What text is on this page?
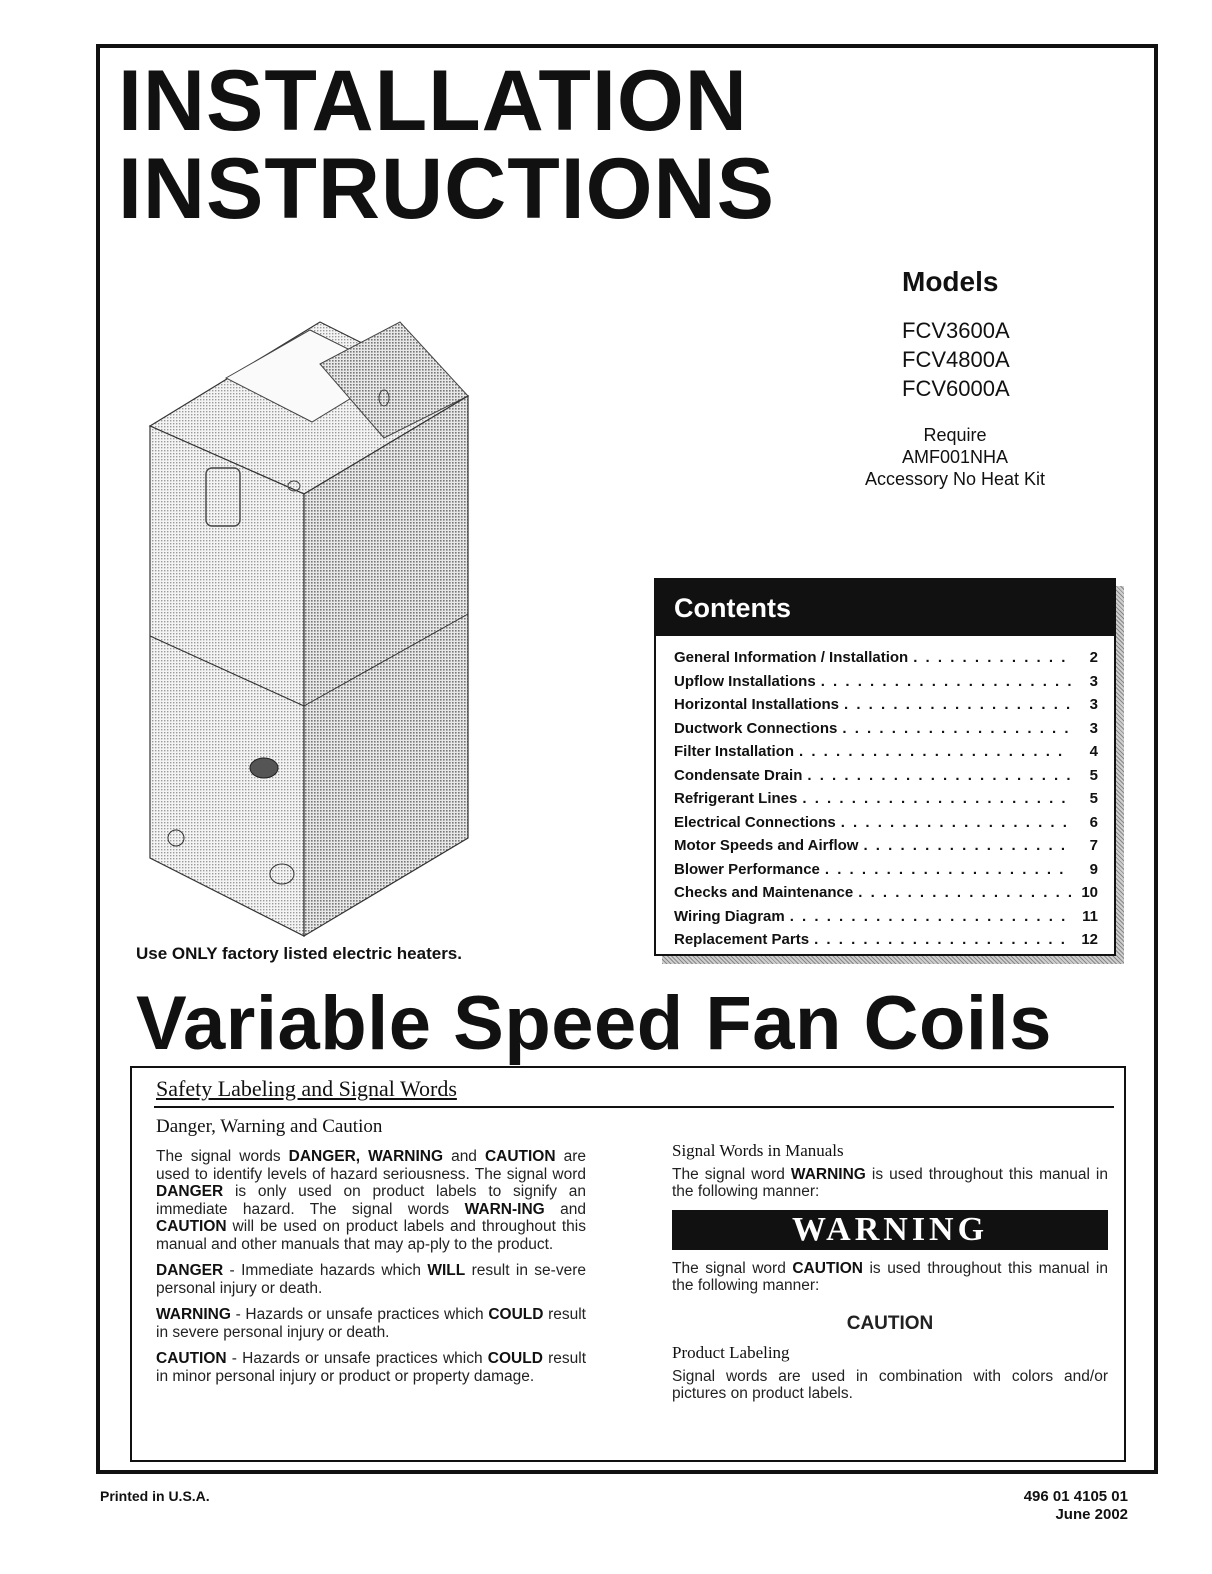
INSTALLATION
INSTRUCTIONS
Models
FCV3600A
FCV4800A
FCV6000A
Require
AMF001NHA
Accessory No Heat Kit
Use ONLY factory listed electric heaters.
Contents
General Information / Installation . . .	2
Upflow Installations . . .	3
Horizontal Installations . . .	3
Ductwork Connections . . .	3
Filter Installation . . .	4
Condensate Drain . . .	5
Refrigerant Lines . . .	5
Electrical Connections . . .	6
Motor Speeds and Airflow . . .	7
Blower Performance . . .	9
Checks and Maintenance . . .	10
Wiring Diagram . . .	11
Replacement Parts . . .	12
Variable Speed Fan Coils
Safety Labeling and Signal Words
Danger, Warning and Caution

The signal words DANGER, WARNING and CAUTION are used to identify levels of hazard seriousness. The signal word DANGER is only used on product labels to signify an immediate hazard. The signal words WARN-ING and CAUTION will be used on product labels and throughout this manual and other manuals that may ap-ply to the product.

DANGER - Immediate hazards which WILL result in se-vere personal injury or death.

WARNING - Hazards or unsafe practices which COULD result in severe personal injury or death.

CAUTION - Hazards or unsafe practices which COULD result in minor personal injury or product or property damage.

Signal Words in Manuals

The signal word WARNING is used throughout this manual in the following manner:

WARNING

The signal word CAUTION is used throughout this manual in the following manner:

CAUTION
Product Labeling

Signal words are used in combination with colors and/or pictures on product labels.

Printed in U.S.A.	496 01 4105 01
June 2002
